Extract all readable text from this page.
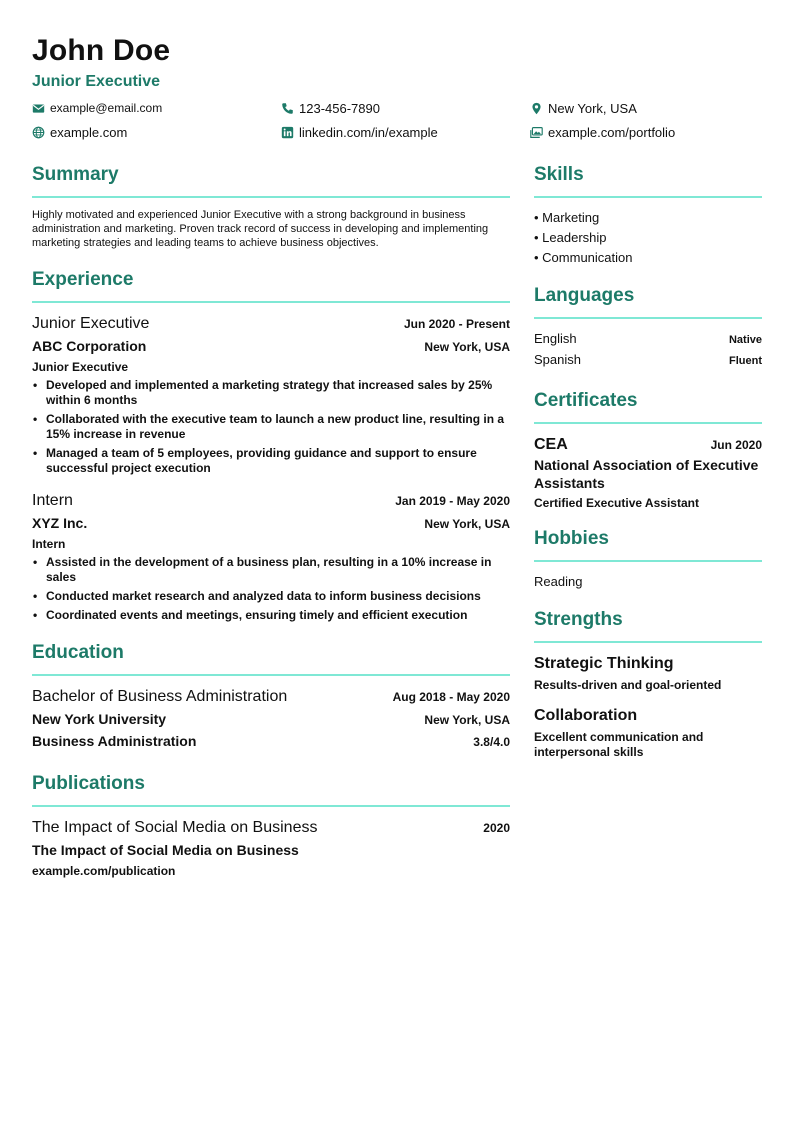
John Doe
Junior Executive
example@email.com	123-456-7890	New York, USA
example.com	linkedin.com/in/example	example.com/portfolio
Summary

Highly motivated and experienced Junior Executive with a strong background in business administration and marketing. Proven track record of success in developing and implementing marketing strategies and leading teams to achieve business objectives.

Experience
Junior Executive	Jun 2020 - Present
ABC Corporation	New York, USA
Junior Executive
• Developed and implemented a marketing strategy that increased sales by 25% within 6 months
• Collaborated with the executive team to launch a new product line, resulting in a 15% increase in revenue
• Managed a team of 5 employees, providing guidance and support to ensure successful project execution
Intern	Jan 2019 - May 2020
XYZ Inc.	New York, USA
Intern
• Assisted in the development of a business plan, resulting in a 10% increase in sales
• Conducted market research and analyzed data to inform business decisions
• Coordinated events and meetings, ensuring timely and efficient execution
Education
Bachelor of Business Administration	Aug 2018 - May 2020
New York University	New York, USA
Business Administration	3.8/4.0
Publications
The Impact of Social Media on Business	2020
The Impact of Social Media on Business
example.com/publication
Skills
• Marketing
• Leadership
• Communication
Languages
English	Native
Spanish	Fluent
Certificates
CEA	Jun 2020
National Association of Executive Assistants
Certified Executive Assistant
Hobbies
Reading
Strengths
Strategic Thinking
Results-driven and goal-oriented
Collaboration
Excellent communication and interpersonal skills
